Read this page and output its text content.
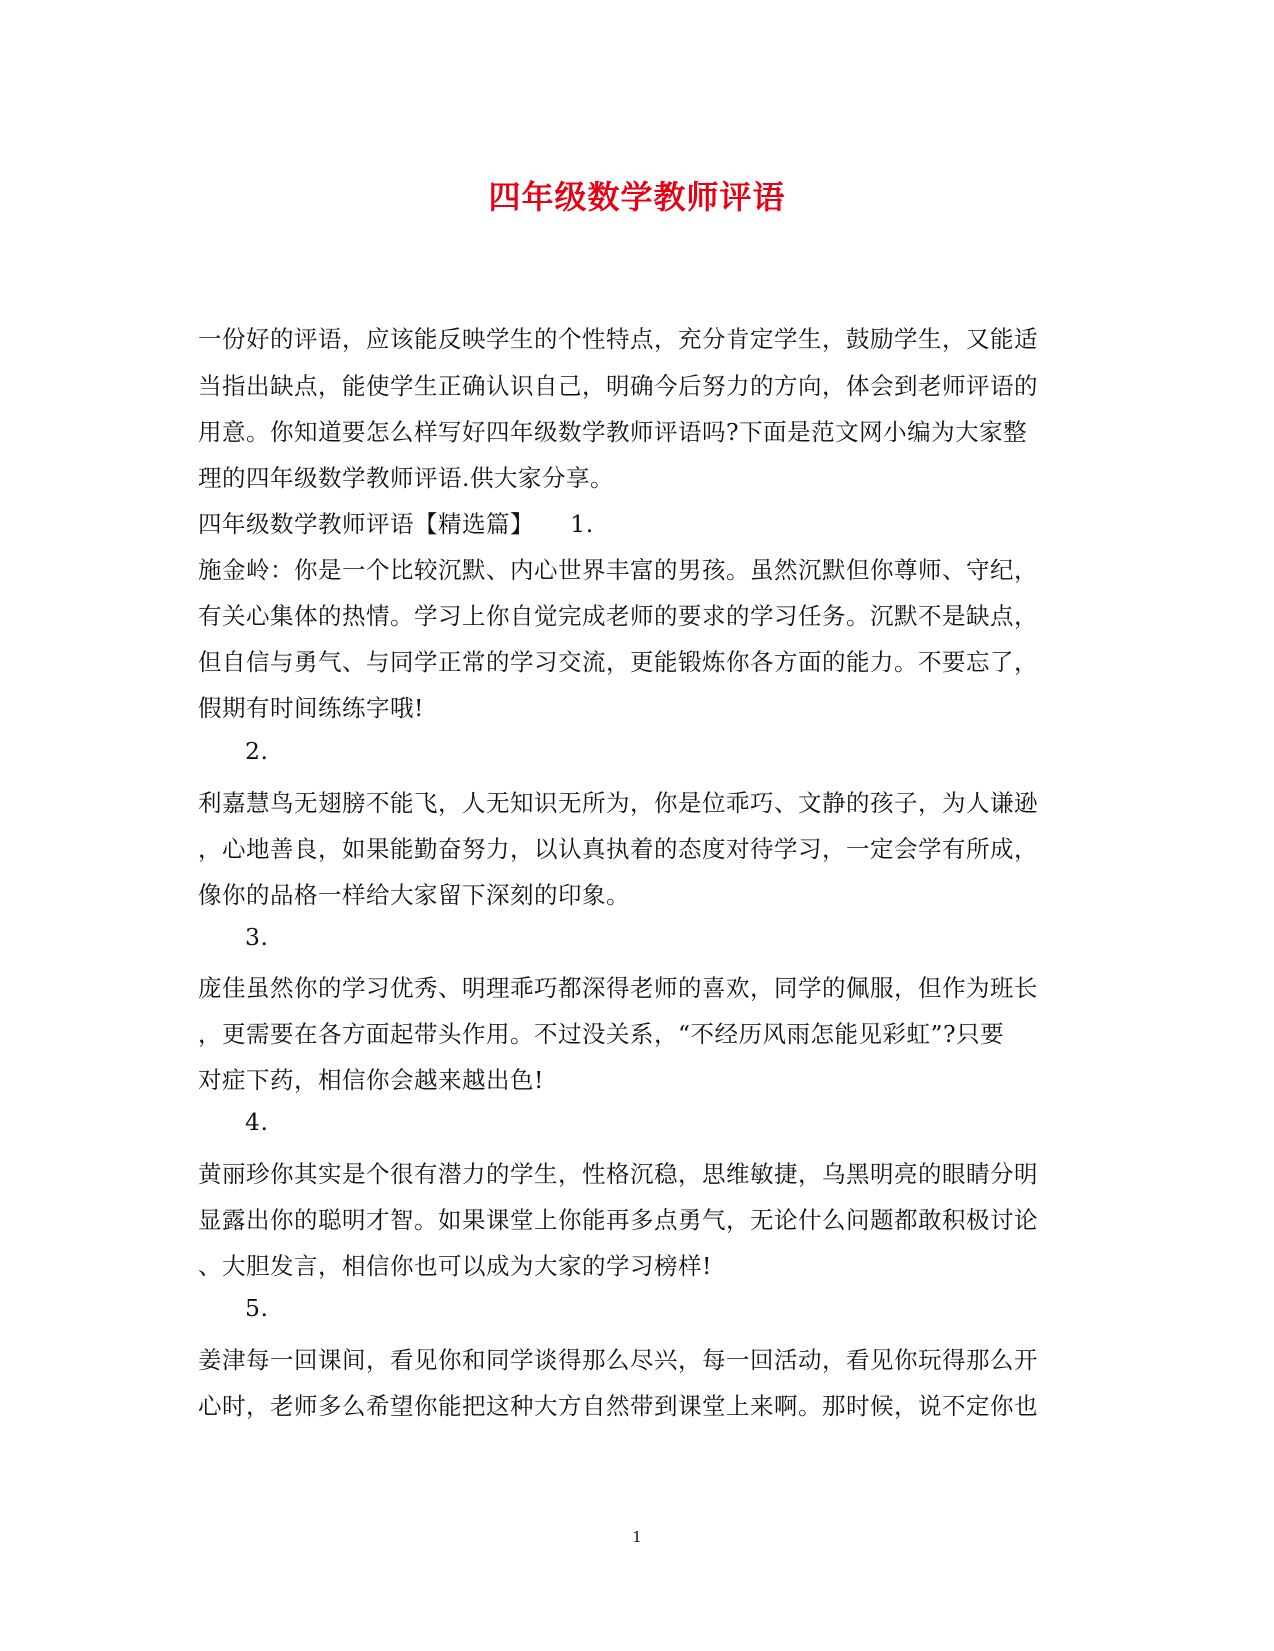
四年级数学教师评语
一份好的评语，应该能反映学生的个性特点，充分肯定学生，鼓励学生，又能适
当指出缺点，能使学生正确认识自己，明确今后努力的方向，体会到老师评语的
用意。你知道要怎么样写好四年级数学教师评语吗?下面是范文网小编为大家整
理的四年级数学教师评语.供大家分享。
四年级数学教师评语【精选篇】　　1.
施金岭：你是一个比较沉默、内心世界丰富的男孩。虽然沉默但你尊师、守纪，
有关心集体的热情。学习上你自觉完成老师的要求的学习任务。沉默不是缺点，
但自信与勇气、与同学正常的学习交流，更能锻炼你各方面的能力。不要忘了，
假期有时间练练字哦!
2.
利嘉慧鸟无翅膀不能飞，人无知识无所为，你是位乖巧、文静的孩子，为人谦逊
，心地善良，如果能勤奋努力，以认真执着的态度对待学习，一定会学有所成，
像你的品格一样给大家留下深刻的印象。
3.
庞佳虽然你的学习优秀、明理乖巧都深得老师的喜欢，同学的佩服，但作为班长
，更需要在各方面起带头作用。不过没关系，“不经历风雨怎能见彩虹”?只要
对症下药，相信你会越来越出色!
4.
黄丽珍你其实是个很有潜力的学生，性格沉稳，思维敏捷，乌黑明亮的眼睛分明
显露出你的聪明才智。如果课堂上你能再多点勇气，无论什么问题都敢积极讨论
、大胆发言，相信你也可以成为大家的学习榜样!
5.
姜津每一回课间，看见你和同学谈得那么尽兴，每一回活动，看见你玩得那么开
心时，老师多么希望你能把这种大方自然带到课堂上来啊。那时候，说不定你也
1
